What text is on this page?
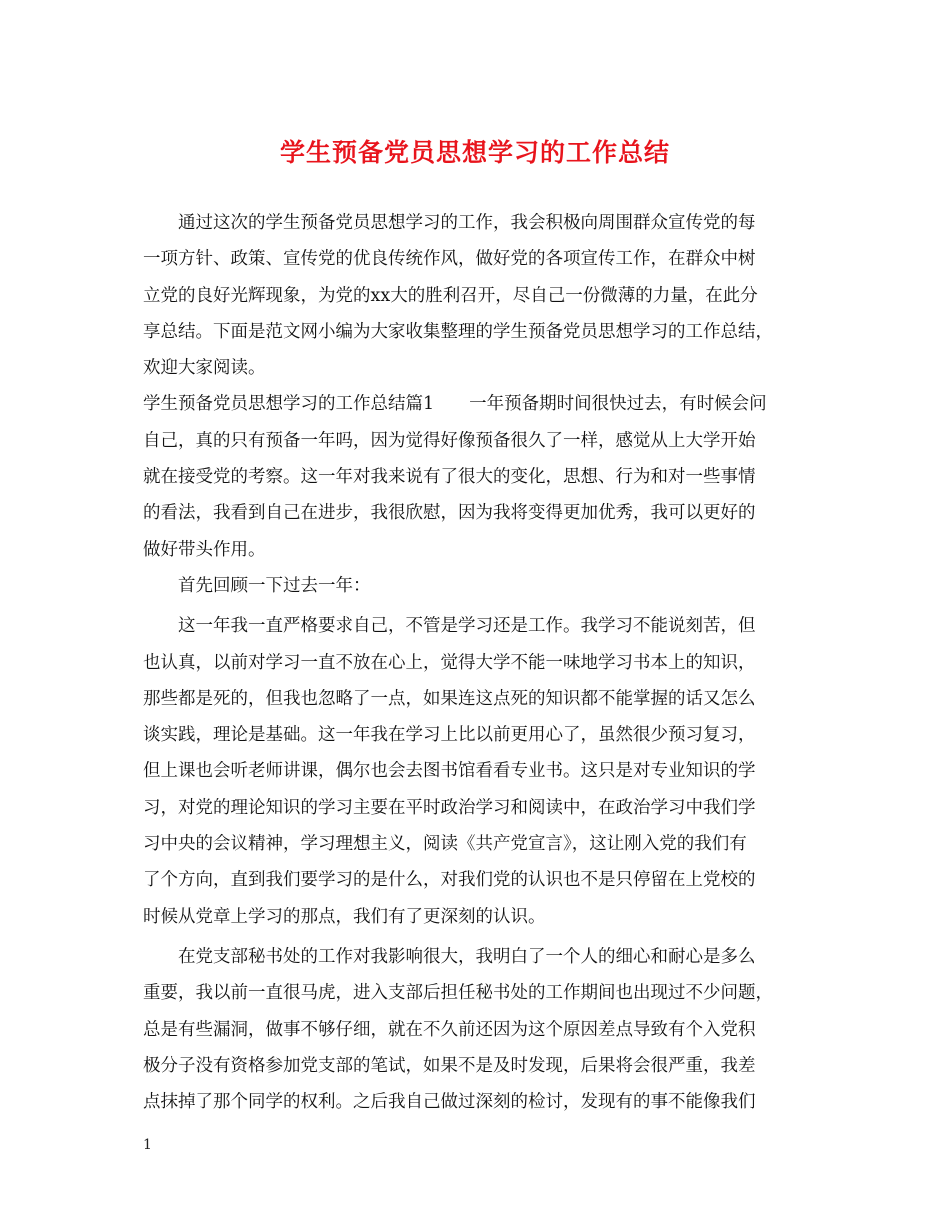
学生预备党员思想学习的工作总结
通过这次的学生预备党员思想学习的工作，我会积极向周围群众宣传党的每
一项方针、政策、宣传党的优良传统作风，做好党的各项宣传工作，在群众中树
立党的良好光辉现象，为党的xx大的胜利召开，尽自己一份微薄的力量，在此分
享总结。下面是范文网小编为大家收集整理的学生预备党员思想学习的工作总结，
欢迎大家阅读。
学生预备党员思想学习的工作总结篇1　　一年预备期时间很快过去，有时候会问
自己，真的只有预备一年吗，因为觉得好像预备很久了一样，感觉从上大学开始
就在接受党的考察。这一年对我来说有了很大的变化，思想、行为和对一些事情
的看法，我看到自己在进步，我很欣慰，因为我将变得更加优秀，我可以更好的
做好带头作用。
首先回顾一下过去一年：
这一年我一直严格要求自己，不管是学习还是工作。我学习不能说刻苦，但
也认真，以前对学习一直不放在心上，觉得大学不能一味地学习书本上的知识，
那些都是死的，但我也忽略了一点，如果连这点死的知识都不能掌握的话又怎么
谈实践，理论是基础。这一年我在学习上比以前更用心了，虽然很少预习复习，
但上课也会听老师讲课，偶尔也会去图书馆看看专业书。这只是对专业知识的学
习，对党的理论知识的学习主要在平时政治学习和阅读中，在政治学习中我们学
习中央的会议精神，学习理想主义，阅读《共产党宣言》，这让刚入党的我们有
了个方向，直到我们要学习的是什么，对我们党的认识也不是只停留在上党校的
时候从党章上学习的那点，我们有了更深刻的认识。
在党支部秘书处的工作对我影响很大，我明白了一个人的细心和耐心是多么
重要，我以前一直很马虎，进入支部后担任秘书处的工作期间也出现过不少问题，
总是有些漏洞，做事不够仔细，就在不久前还因为这个原因差点导致有个入党积
极分子没有资格参加党支部的笔试，如果不是及时发现，后果将会很严重，我差
点抹掉了那个同学的权利。之后我自己做过深刻的检讨，发现有的事不能像我们
1
